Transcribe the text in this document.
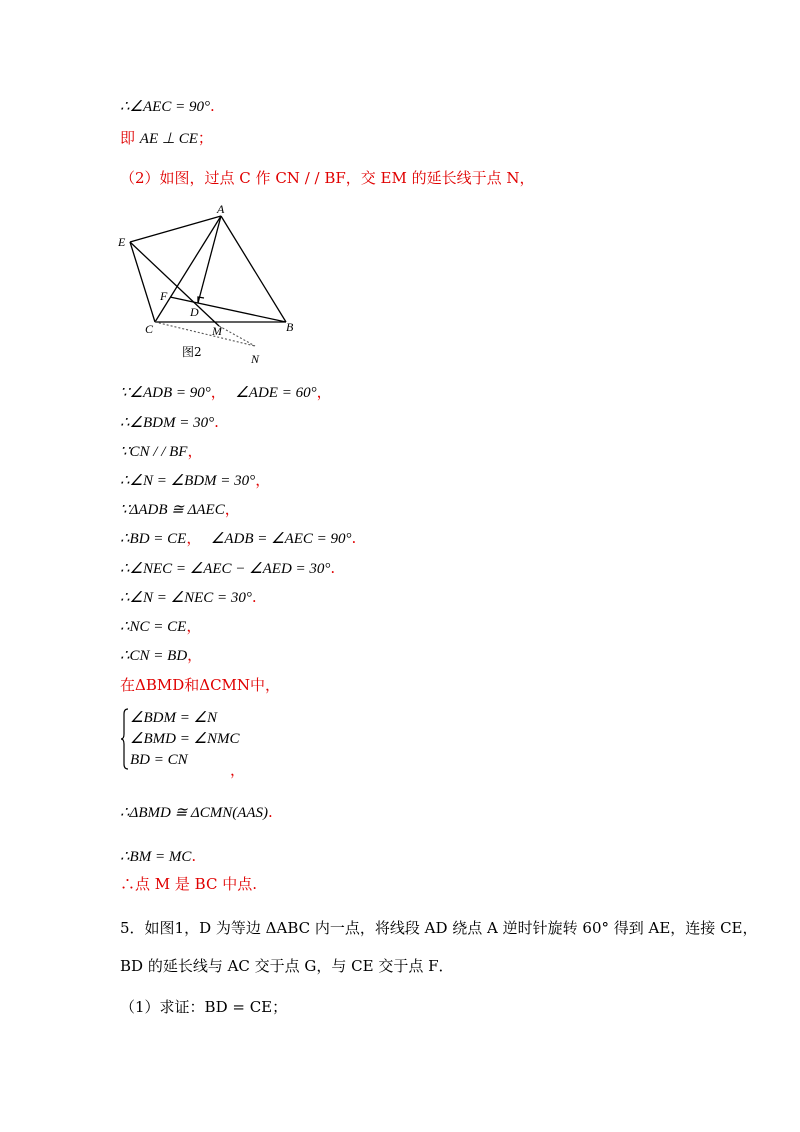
∴∠AEC = 90°.
即 AE ⊥ CE；
（2）如图，过点 C 作 CN / / BF，交 EM 的延长线于点 N，
A
E
F
D
C	M	B
N
图2
∵∠ADB = 90°， ∠ADE = 60°，
∴∠BDM = 30°.
∵CN / / BF，
∴∠N = ∠BDM = 30°，
∵ΔADB ≅ ΔAEC，
∴BD = CE， ∠ADB = ∠AEC = 90°.
∴∠NEC = ∠AEC − ∠AED = 30°.
∴∠N = ∠NEC = 30°.
∴NC = CE，
∴CN = BD，
在ΔBMD和ΔCMN中，
∠BDM = ∠N
∠BMD = ∠NMC
BD = CN
，
∴ΔBMD ≅ ΔCMN(AAS).
∴BM = MC.
∴点 M 是 BC 中点.
5．如图1，D 为等边 ΔABC 内一点，将线段 AD 绕点 A 逆时针旋转 60° 得到 AE，连接 CE，
BD 的延长线与 AC 交于点 G，与 CE 交于点 F．
（1）求证：BD = CE；
